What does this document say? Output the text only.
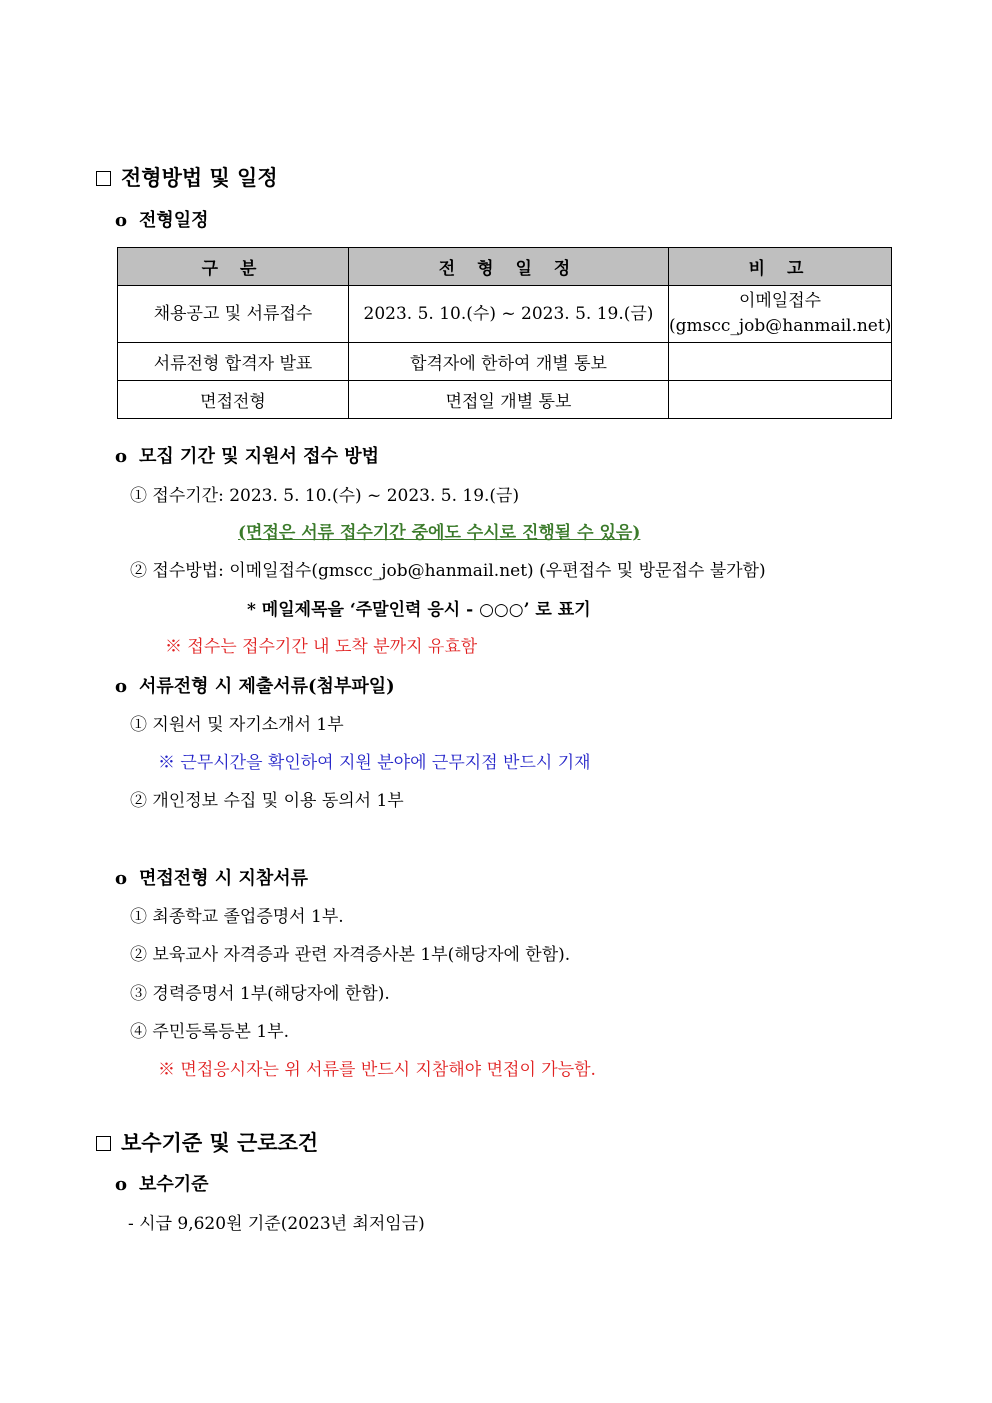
전형방법 및 일정
o 전형일정
구 분	전 형 일 정	비 고
채용공고 및 서류접수	2023. 5. 10.(수) ~ 2023. 5. 19.(금)	이메일접수
(gmscc_job@hanmail.net)
서류전형 합격자 발표	합격자에 한하여 개별 통보	
면접전형	면접일 개별 통보	
o 모집 기간 및 지원서 접수 방법
① 접수기간: 2023. 5. 10.(수) ~ 2023. 5. 19.(금)
(면접은 서류 접수기간 중에도 수시로 진행될 수 있음)
② 접수방법: 이메일접수(gmscc_job@hanmail.net) (우편접수 및 방문접수 불가함)
* 메일제목을 ‘주말인력 응시 - ○○○’ 로 표기
※ 접수는 접수기간 내 도착 분까지 유효함
o 서류전형 시 제출서류(첨부파일)
① 지원서 및 자기소개서 1부
※ 근무시간을 확인하여 지원 분야에 근무지점 반드시 기재
② 개인정보 수집 및 이용 동의서 1부
o 면접전형 시 지참서류
① 최종학교 졸업증명서 1부.
② 보육교사 자격증과 관련 자격증사본 1부(해당자에 한함).
③ 경력증명서 1부(해당자에 한함).
④ 주민등록등본 1부.
※ 면접응시자는 위 서류를 반드시 지참해야 면접이 가능함.
보수기준 및 근로조건
o 보수기준
- 시급 9,620원 기준(2023년 최저임금)
